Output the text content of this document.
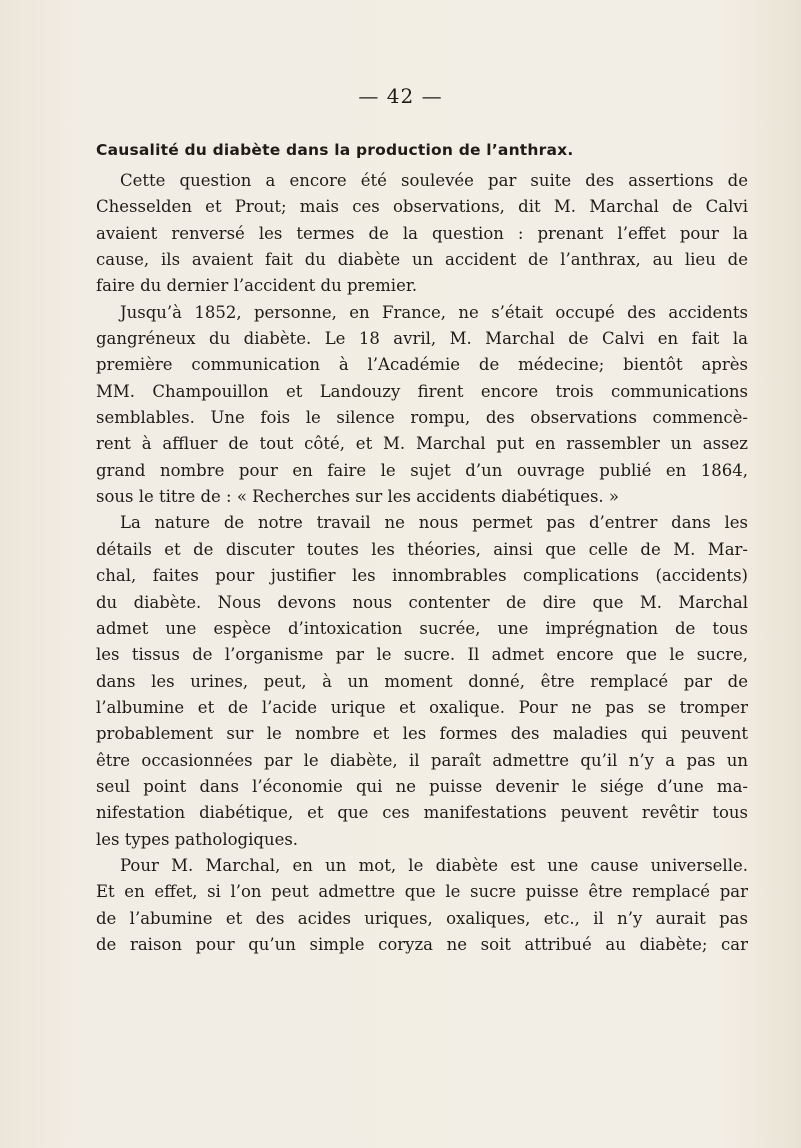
— 42 —
Causalité du diabète dans la production de l’anthrax.
Cette question a encore été soulevée par suite des assertions de
Chesselden et Prout; mais ces observations, dit M. Marchal de Calvi
avaient renversé les termes de la question : prenant l’effet pour la
cause, ils avaient fait du diabète un accident de l’anthrax, au lieu de
faire du dernier l’accident du premier.
Jusqu’à 1852, personne, en France, ne s’était occupé des accidents
gangréneux du diabète. Le 18 avril, M. Marchal de Calvi en fait la
première communication à l’Académie de médecine; bientôt après
MM. Champouillon et Landouzy firent encore trois communications
semblables. Une fois le silence rompu, des observations commencè-
rent à affluer de tout côté, et M. Marchal put en rassembler un assez
grand nombre pour en faire le sujet d’un ouvrage publié en 1864,
sous le titre de : « Recherches sur les accidents diabétiques. »
La nature de notre travail ne nous permet pas d’entrer dans les
détails et de discuter toutes les théories, ainsi que celle de M. Mar-
chal, faites pour justifier les innombrables complications (accidents)
du diabète. Nous devons nous contenter de dire que M. Marchal
admet une espèce d’intoxication sucrée, une imprégnation de tous
les tissus de l’organisme par le sucre. Il admet encore que le sucre,
dans les urines, peut, à un moment donné, être remplacé par de
l’albumine et de l’acide urique et oxalique. Pour ne pas se tromper
probablement sur le nombre et les formes des maladies qui peuvent
être occasionnées par le diabète, il paraît admettre qu’il n’y a pas un
seul point dans l’économie qui ne puisse devenir le siége d’une ma-
nifestation diabétique, et que ces manifestations peuvent revêtir tous
les types pathologiques.
Pour M. Marchal, en un mot, le diabète est une cause universelle.
Et en effet, si l’on peut admettre que le sucre puisse être remplacé par
de l’abumine et des acides uriques, oxaliques, etc., il n’y aurait pas
de raison pour qu’un simple coryza ne soit attribué au diabète; car
